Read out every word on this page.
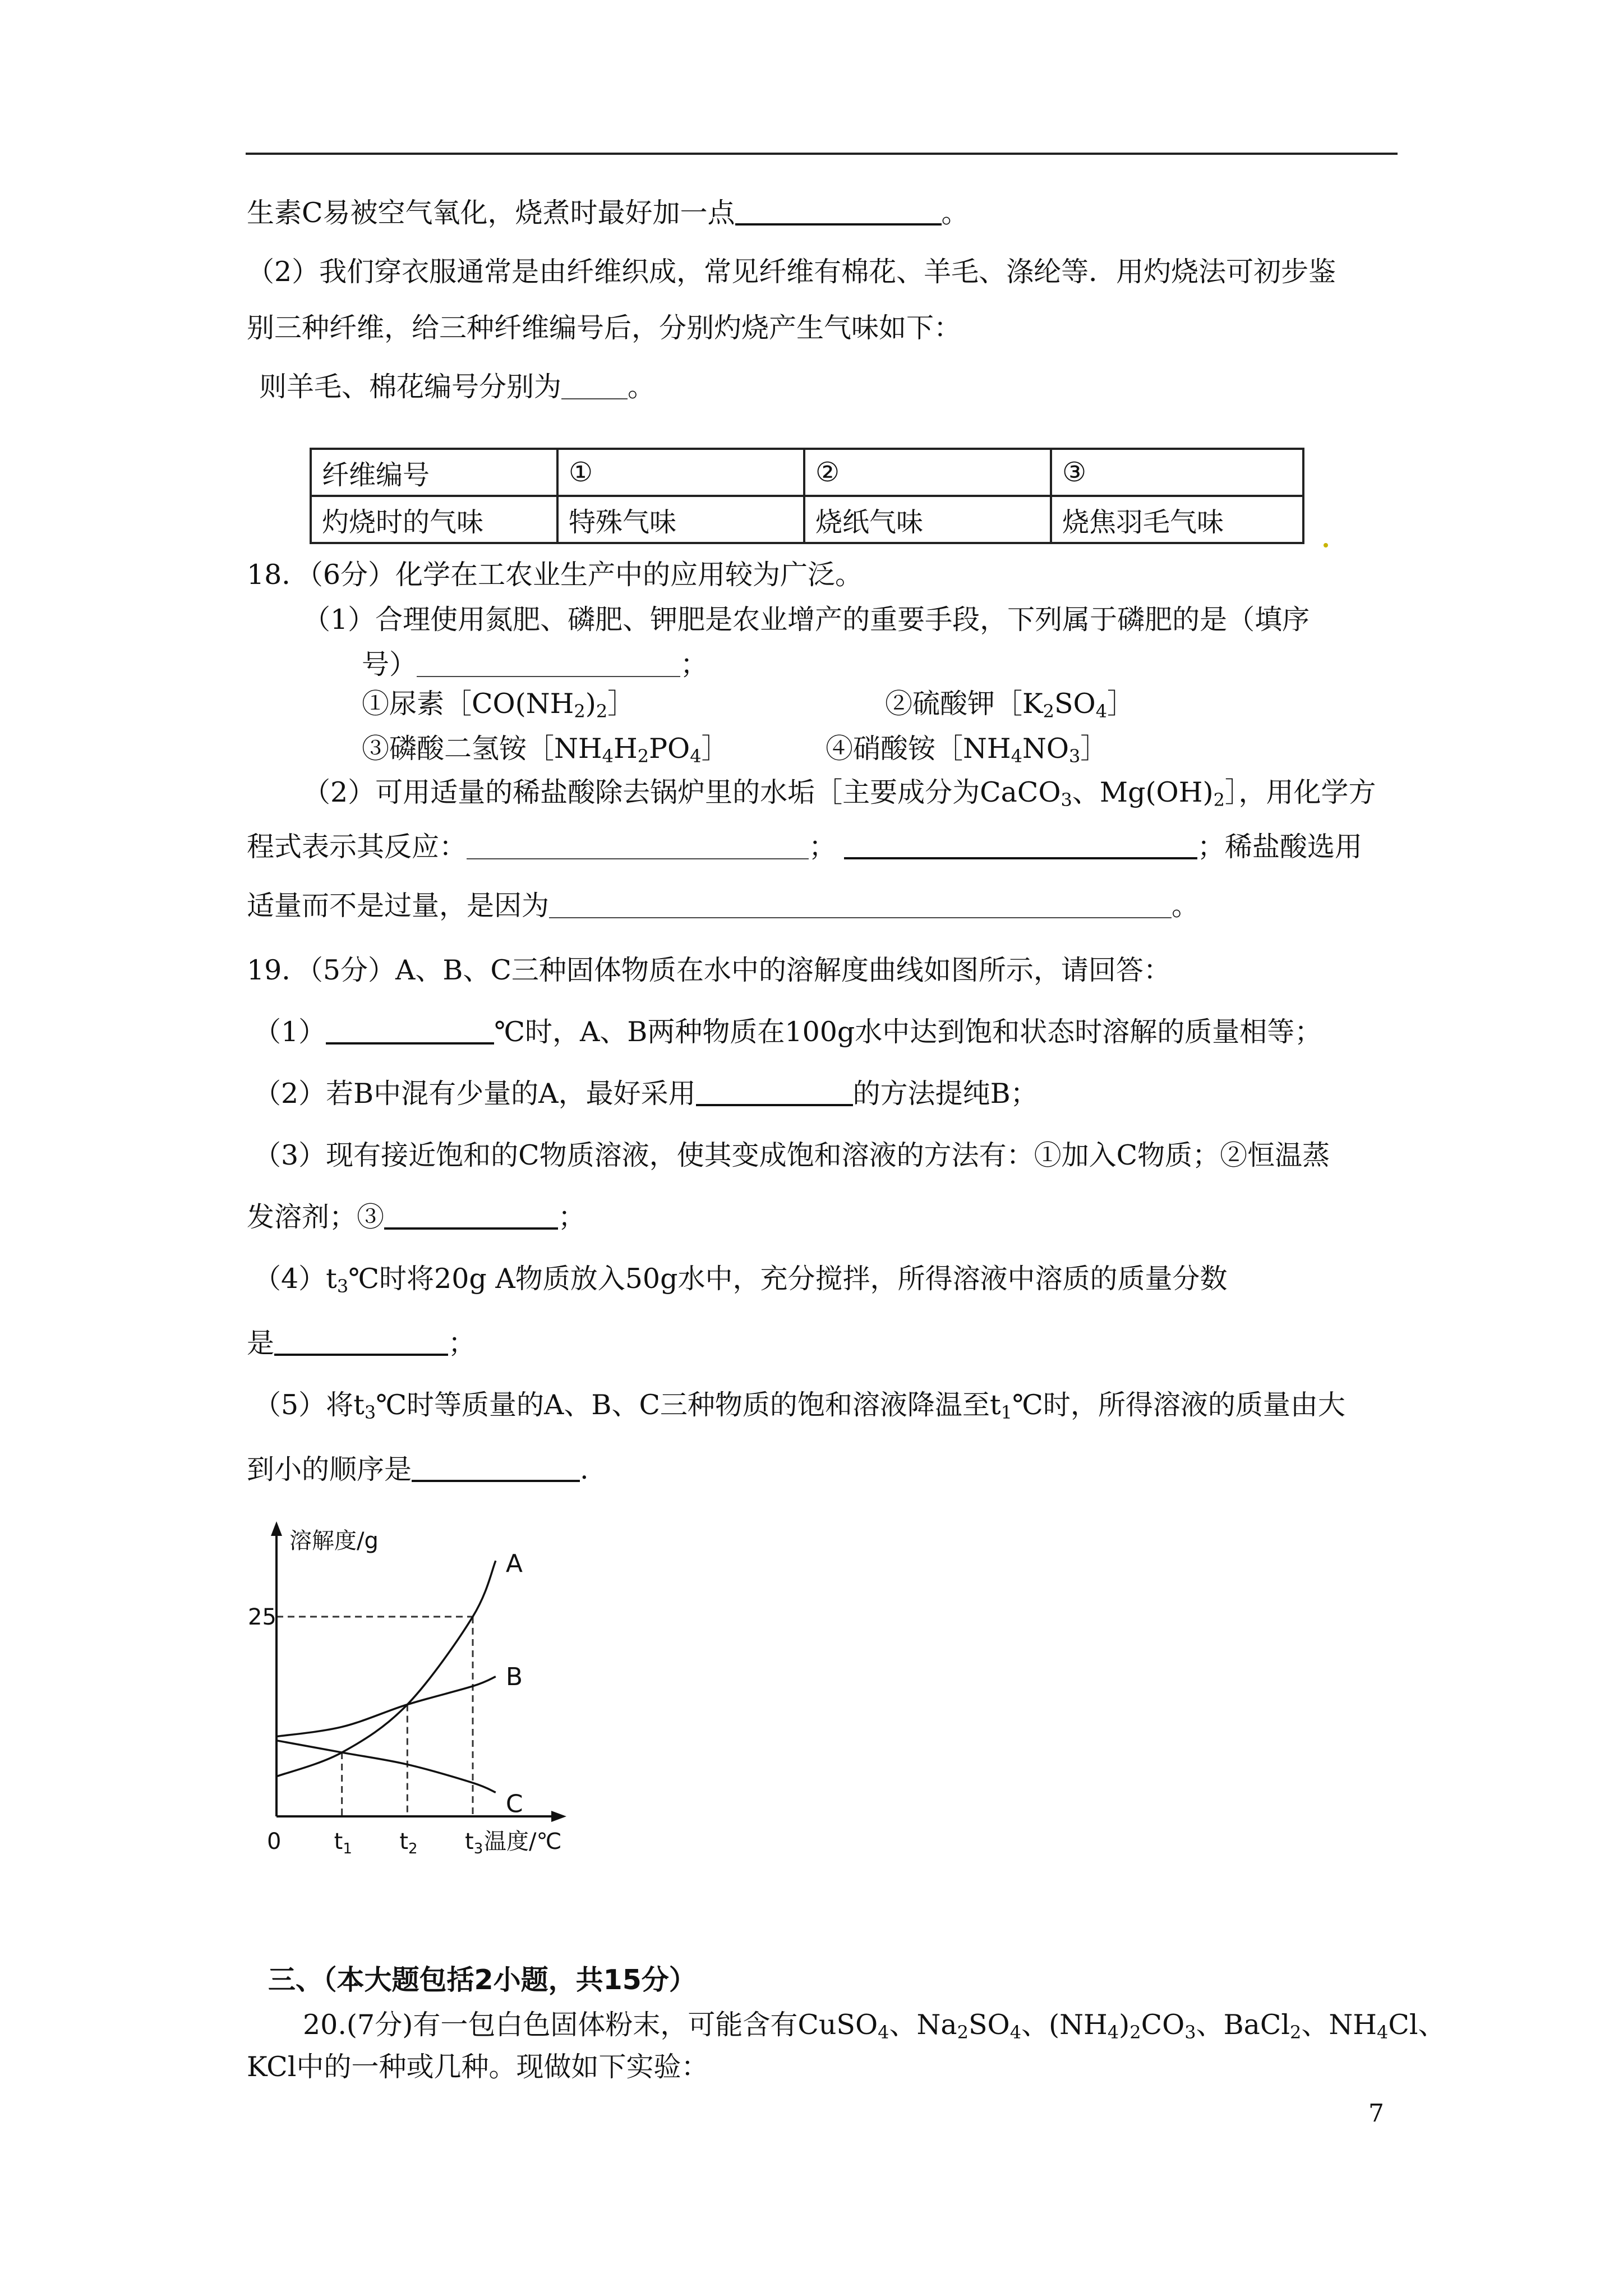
生素C易被空气氧化，烧煮时最好加一点	。
（2）我们穿衣服通常是由纤维织成，常见纤维有棉花、羊毛、涤纶等．用灼烧法可初步鉴
别三种纤维，给三种纤维编号后，分别灼烧产生气味如下：
则羊毛、棉花编号分别为 。
纤维编号	①	②	③
灼烧时的气味	特殊气味	烧纸气味	烧焦羽毛气味
18．（6分）化学在工农业生产中的应用较为广泛。
（1）合理使用氮肥、磷肥、钾肥是农业增产的重要手段，下列属于磷肥的是（填序
号）	；
①尿素$[CO(NH_2)_2]$	②硫酸钾$[K_2SO_4]$
③磷酸二氢铵$[NH_4H_2PO_4]$	④硝酸铵$[NH_4NO_3]$
（2）可用适量的稀盐酸除去锅炉里的水垢［主要成分为CaCO$_3$、$Mg(OH)_2]$，用化学方
程式表示其反应：	；	；稀盐酸选用
适量而不是过量，是因为	。
19．（5分）A、B、C三种固体物质在水中的溶解度曲线如图所示，请回答：
（1）	℃时，A、B两种物质在100g水中达到饱和状态时溶解的质量相等；
（2）若B中混有少量的A，最好采用	的方法提纯B；
（3）现有接近饱和的C物质溶液，使其变成饱和溶液的方法有：①加入C物质；②恒温蒸
发溶剂；③	；
$(4)t_3℃$时将20g A物质放入50g水中，充分搅拌，所得溶液中溶质的质量分数
是	；
（5）将$t_3℃$时等质量的A、B、C三种物质的饱和溶液降温至$t_1℃$时，所得溶液的质量由大
到小的顺序是	.
A
B
C
溶解度/g
25
0 $t_1$ $t_2$ $t_3$ 温度/℃
三、（本大题包括2小题，共15分）
20.(7分)有一包白色固体粉末，可能含有CuSO$_4$、$Na_2SO_4$、$(NH_4)_2CO_3$、BaCl$_2$、$NH_4Cl$、
KCl中的一种或几种。现做如下实验：
7
